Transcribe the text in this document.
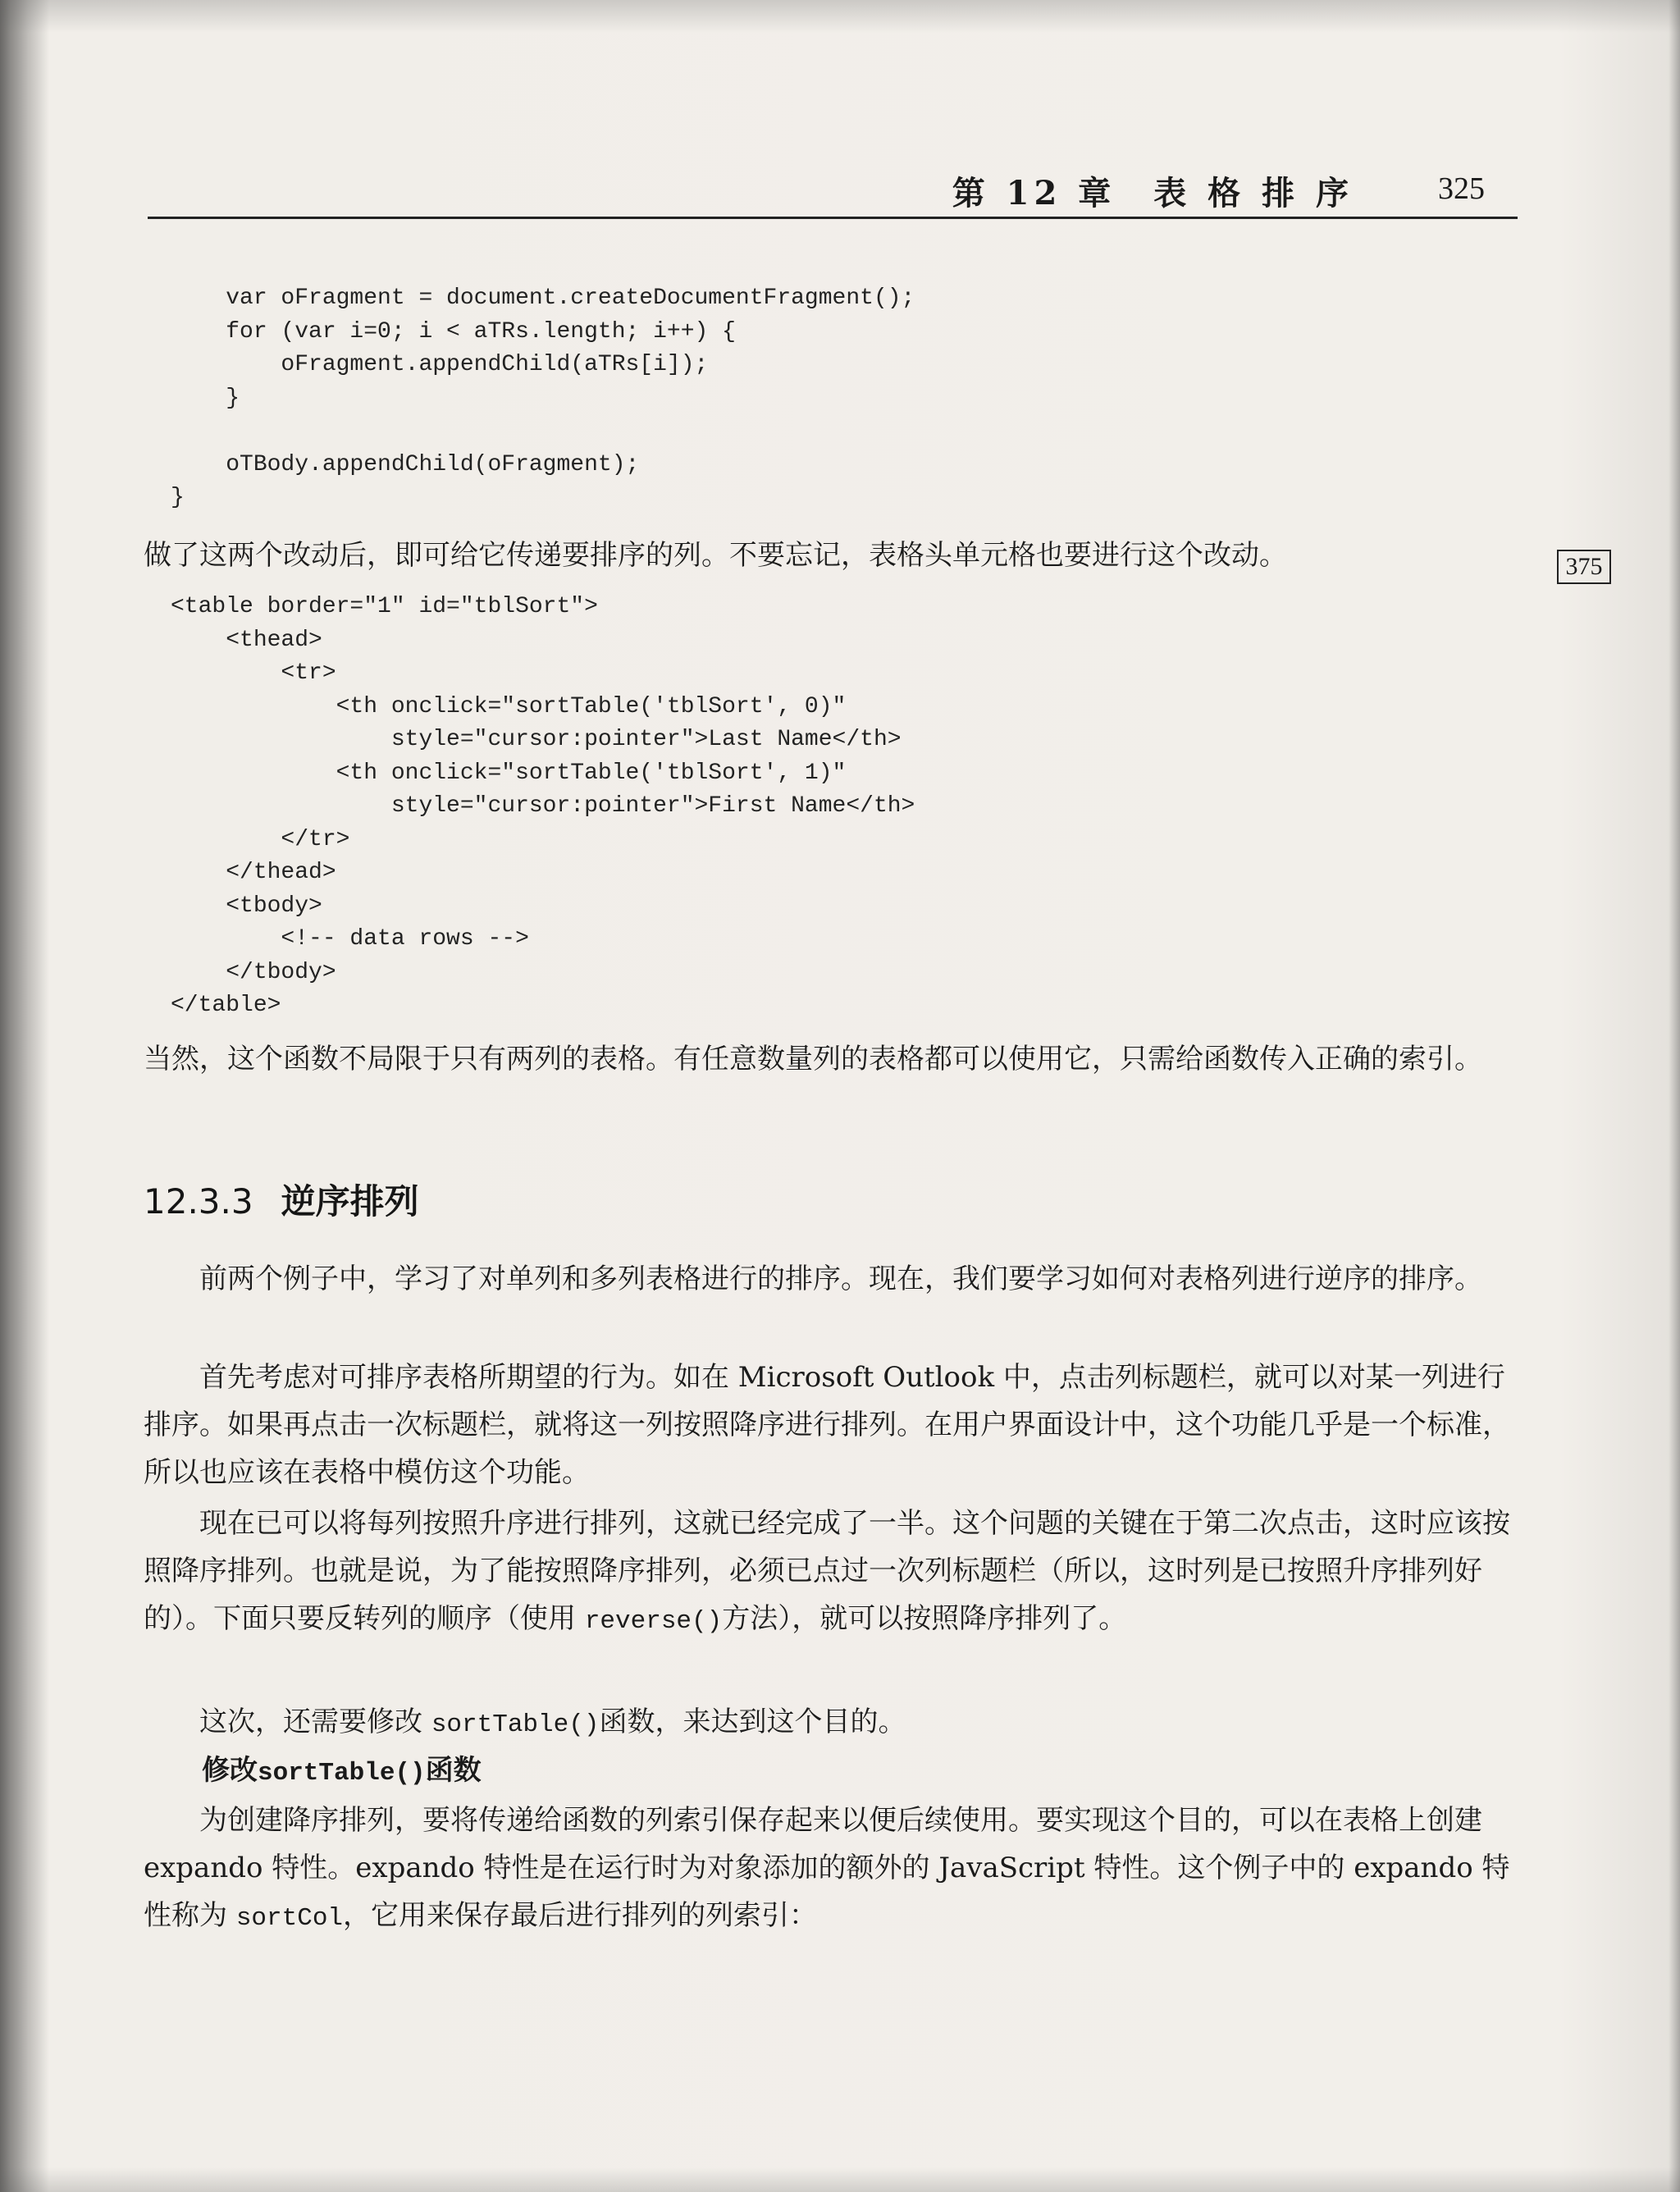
第 12 章　表 格 排 序	325
var oFragment = document.createDocumentFragment();
for (var i=0; i < aTRs.length; i++) {
oFragment.appendChild(aTRs[i]);
}

oTBody.appendChild(oFragment);
}

做了这两个改动后，即可给它传递要排序的列。不要忘记，表格头单元格也要进行这个改动。	375
<table border="1" id="tblSort">
<thead>
<tr>
<th onclick="sortTable('tblSort', 0)"
style="cursor:pointer">Last Name</th>
<th onclick="sortTable('tblSort', 1)"
style="cursor:pointer">First Name</th>
</tr>
</thead>
<tbody>
<!-- data rows -->
</tbody>
</table>

当然，这个函数不局限于只有两列的表格。有任意数量列的表格都可以使用它，只需给函数传入正确的索引。

12.3.3 逆序排列

前两个例子中，学习了对单列和多列表格进行的排序。现在，我们要学习如何对表格列进行逆序的排序。

首先考虑对可排序表格所期望的行为。如在 Microsoft Outlook 中，点击列标题栏，就可以对某一列进行排序。如果再点击一次标题栏，就将这一列按照降序进行排列。在用户界面设计中，这个功能几乎是一个标准，所以也应该在表格中模仿这个功能。

现在已可以将每列按照升序进行排列，这就已经完成了一半。这个问题的关键在于第二次点击，这时应该按照降序排列。也就是说，为了能按照降序排列，必须已点过一次列标题栏（所以，这时列是已按照升序排列好的）。下面只要反转列的顺序（使用 reverse()方法），就可以按照降序排列了。

这次，还需要修改 sortTable()函数，来达到这个目的。

修改sortTable()函数

为创建降序排列，要将传递给函数的列索引保存起来以便后续使用。要实现这个目的，可以在表格上创建 expando 特性。expando 特性是在运行时为对象添加的额外的 JavaScript 特性。这个例子中的 expando 特性称为 sortCol，它用来保存最后进行排列的列索引：
